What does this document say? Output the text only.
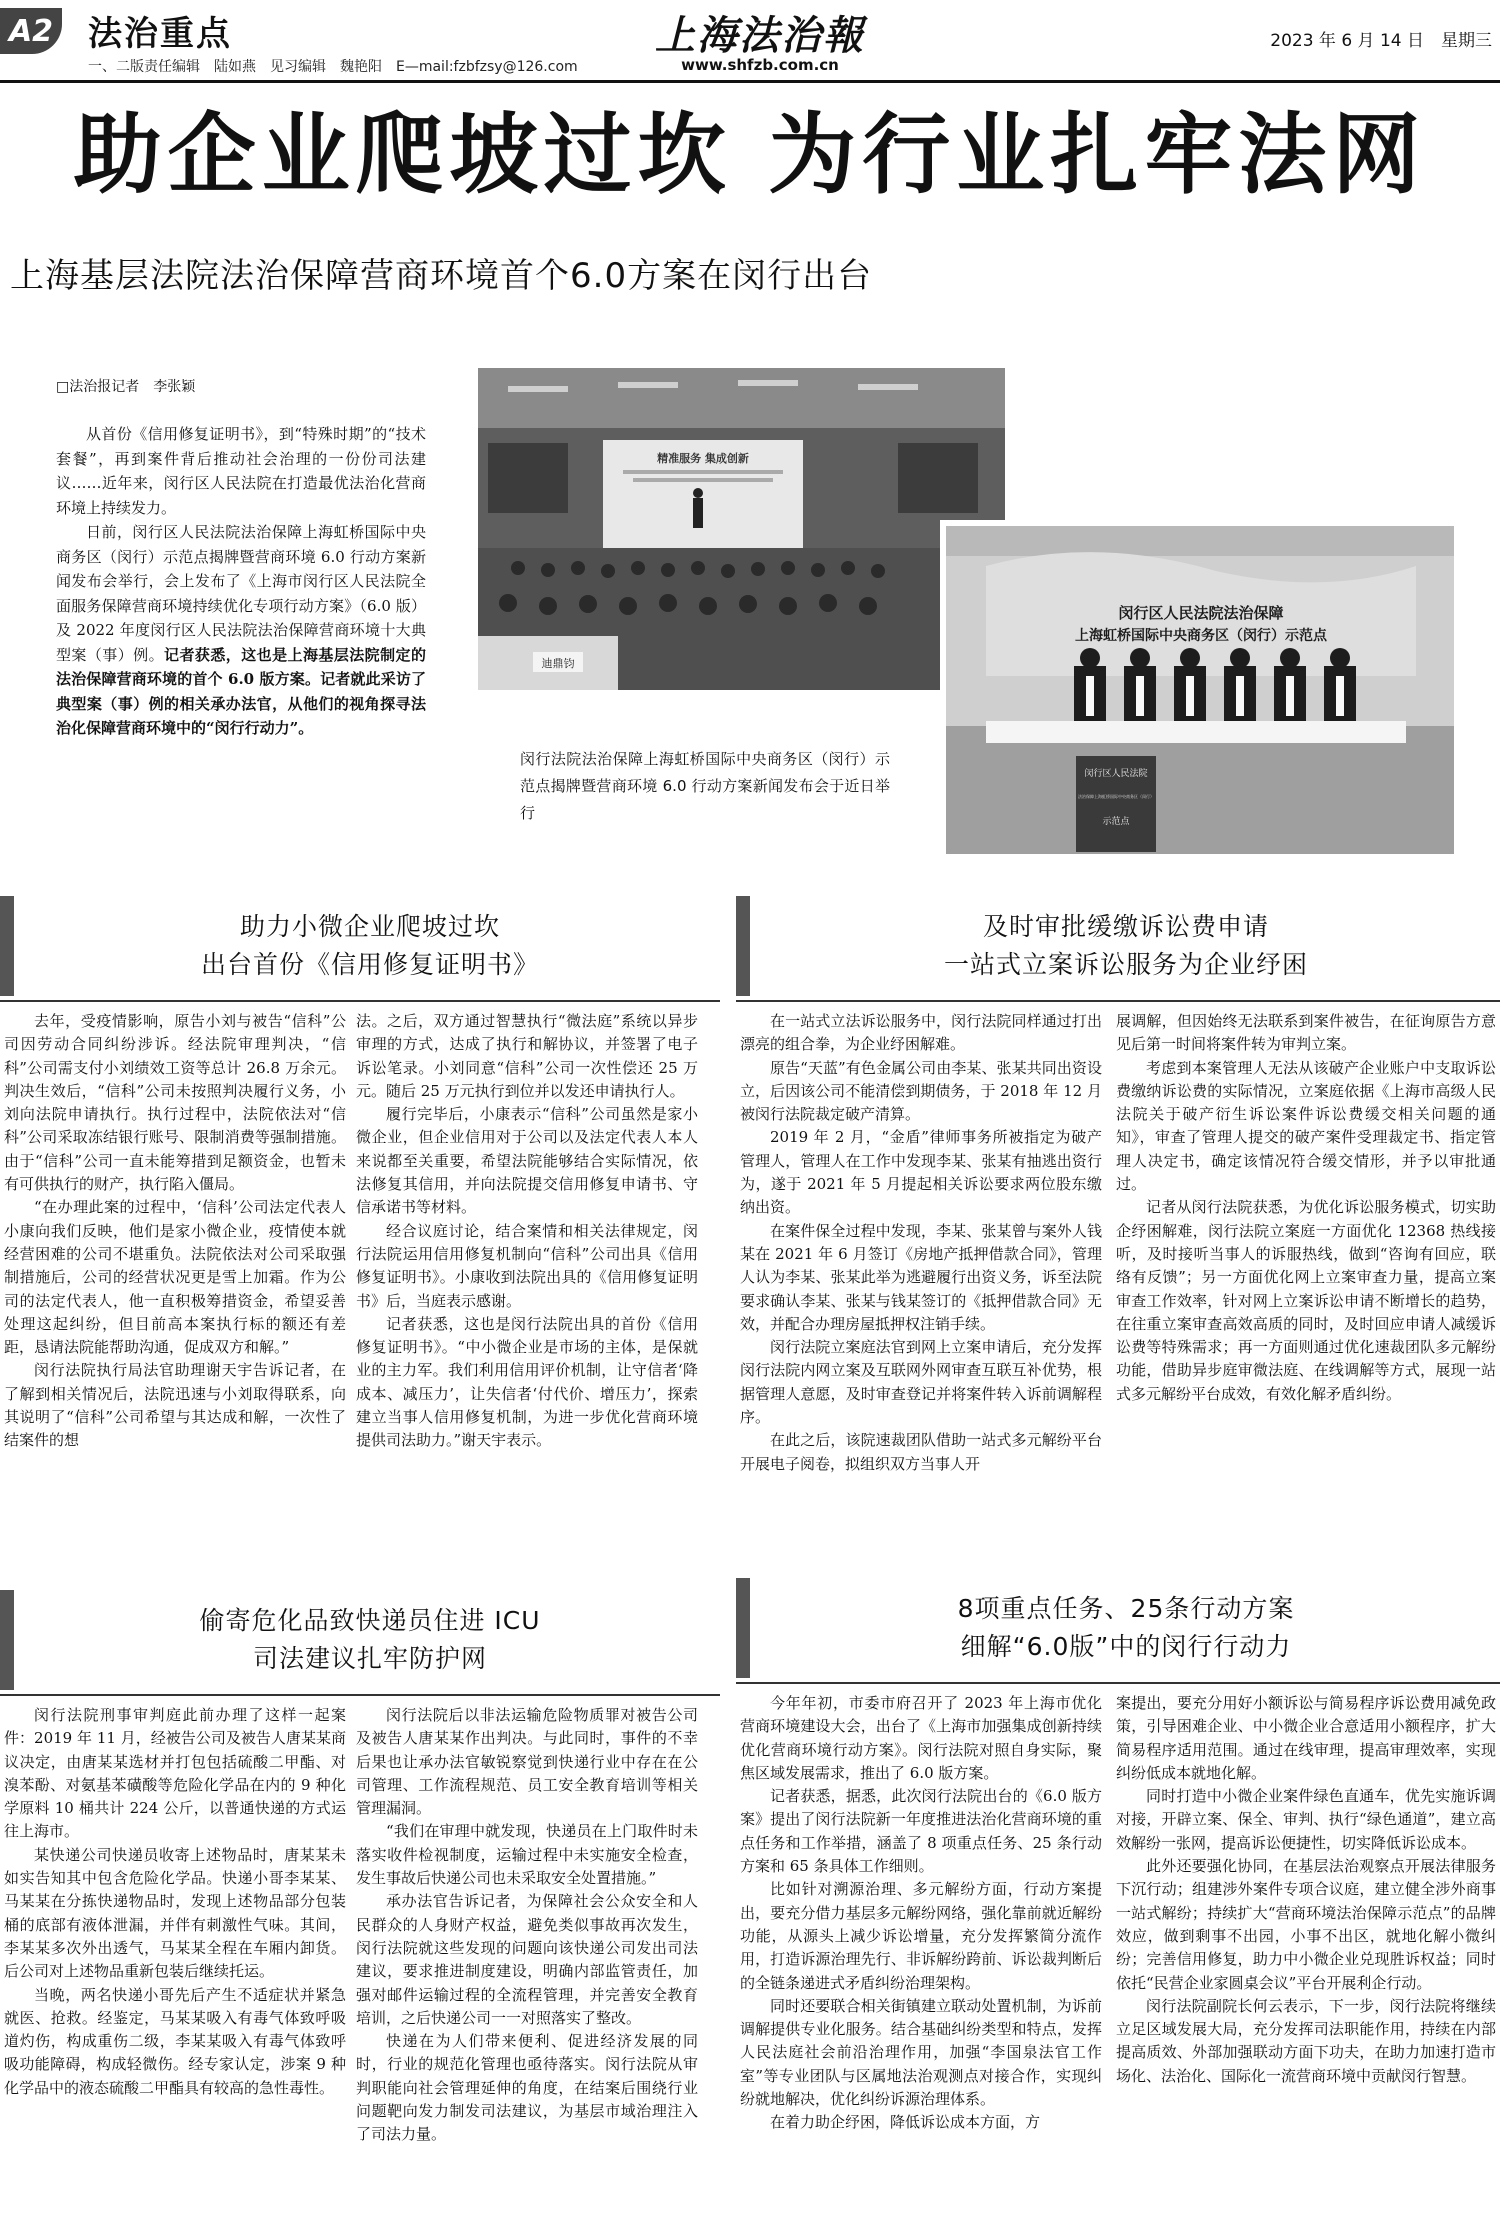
A2 法治重点
一、二版责任编辑　陆如燕　见习编辑　魏艳阳　E—mail:fzbfzsy@126.com
上海法治報
www.shfzb.com.cn
2023 年 6 月 14 日　星期三
助企业爬坡过坎 为行业扎牢法网
上海基层法院法治保障营商环境首个6.0方案在闵行出台
□法治报记者　李张颖

从首份《信用修复证明书》，到“特殊时期”的“技术套餐”，再到案件背后推动社会治理的一份份司法建议……近年来，闵行区人民法院在打造最优法治化营商环境上持续发力。

日前，闵行区人民法院法治保障上海虹桥国际中央商务区（闵行）示范点揭牌暨营商环境 6.0 行动方案新闻发布会举行，会上发布了《上海市闵行区人民法院全面服务保障营商环境持续优化专项行动方案》（6.0 版）及 2022 年度闵行区人民法院法治保障营商环境十大典型案（事）例。记者获悉，这也是上海基层法院制定的法治保障营商环境的首个 6.0 版方案。记者就此采访了典型案（事）例的相关承办法官，从他们的视角探寻法治化保障营商环境中的“闵行行动力”。

精准服务 集成创新
迪鼎钧
闵行区人民法院法治保障
上海虹桥国际中央商务区（闵行）示范点
闵行区人民法院
法治保障上海虹桥国际中央商务区（闵行）
示范点
闵行法院法治保障上海虹桥国际中央商务区（闵行）示范点揭牌暨营商环境 6.0 行动方案新闻发布会于近日举行
助力小微企业爬坡过坎
出台首份《信用修复证明书》

去年，受疫情影响，原告小刘与被告“信科”公司因劳动合同纠纷涉诉。经法院审理判决，“信科”公司需支付小刘绩效工资等总计 26.8 万余元。判决生效后，“信科”公司未按照判决履行义务，小刘向法院申请执行。执行过程中，法院依法对“信科”公司采取冻结银行账号、限制消费等强制措施。由于“信科”公司一直未能筹措到足额资金，也暂未有可供执行的财产，执行陷入僵局。

“在办理此案的过程中，‘信科’公司法定代表人小康向我们反映，他们是家小微企业，疫情使本就经营困难的公司不堪重负。法院依法对公司采取强制措施后，公司的经营状况更是雪上加霜。作为公司的法定代表人，他一直积极筹措资金，希望妥善处理这起纠纷，但目前高本案执行标的额还有差距，恳请法院能帮助沟通，促成双方和解。”

闵行法院执行局法官助理谢天宇告诉记者，在了解到相关情况后，法院迅速与小刘取得联系，向其说明了“信科”公司希望与其达成和解，一次性了结案件的想

法。之后，双方通过智慧执行“微法庭”系统以异步审理的方式，达成了执行和解协议，并签署了电子诉讼笔录。小刘同意“信科”公司一次性偿还 25 万元。随后 25 万元执行到位并以发还申请执行人。

履行完毕后，小康表示“信科”公司虽然是家小微企业，但企业信用对于公司以及法定代表人本人来说都至关重要，希望法院能够结合实际情况，依法修复其信用，并向法院提交信用修复申请书、守信承诺书等材料。

经合议庭讨论，结合案情和相关法律规定，闵行法院运用信用修复机制向“信科”公司出具《信用修复证明书》。小康收到法院出具的《信用修复证明书》后，当庭表示感谢。

记者获悉，这也是闵行法院出具的首份《信用修复证明书》。“中小微企业是市场的主体，是保就业的主力军。我们利用信用评价机制，让守信者‘降成本、减压力’，让失信者‘付代价、增压力’，探索建立当事人信用修复机制，为进一步优化营商环境提供司法助力。”谢天宇表示。

及时审批缓缴诉讼费申请
一站式立案诉讼服务为企业纾困

在一站式立法诉讼服务中，闵行法院同样通过打出漂亮的组合拳，为企业纾困解难。

原告“天蓝”有色金属公司由李某、张某共同出资设立，后因该公司不能清偿到期债务，于 2018 年 12 月被闵行法院裁定破产清算。

2019 年 2 月，“金盾”律师事务所被指定为破产管理人，管理人在工作中发现李某、张某有抽逃出资行为，遂于 2021 年 5 月提起相关诉讼要求两位股东缴纳出资。

在案件保全过程中发现，李某、张某曾与案外人钱某在 2021 年 6 月签订《房地产抵押借款合同》，管理人认为李某、张某此举为逃避履行出资义务，诉至法院要求确认李某、张某与钱某签订的《抵押借款合同》无效，并配合办理房屋抵押权注销手续。

闵行法院立案庭法官到网上立案申请后，充分发挥闵行法院内网立案及互联网外网审查互联互补优势，根据管理人意愿，及时审查登记并将案件转入诉前调解程序。

在此之后，该院速裁团队借助一站式多元解纷平台开展电子阅卷，拟组织双方当事人开

展调解，但因始终无法联系到案件被告，在征询原告方意见后第一时间将案件转为审判立案。

考虑到本案管理人无法从该破产企业账户中支取诉讼费缴纳诉讼费的实际情况，立案庭依据《上海市高级人民法院关于破产衍生诉讼案件诉讼费缓交相关问题的通知》，审查了管理人提交的破产案件受理裁定书、指定管理人决定书，确定该情况符合缓交情形，并予以审批通过。

记者从闵行法院获悉，为优化诉讼服务模式，切实助企纾困解难，闵行法院立案庭一方面优化 12368 热线接听，及时接听当事人的诉服热线，做到“咨询有回应，联络有反馈”；另一方面优化网上立案审查力量，提高立案审查工作效率，针对网上立案诉讼申请不断增长的趋势，在往重立案审查高效高质的同时，及时回应申请人减缓诉讼费等特殊需求；再一方面则通过优化速裁团队多元解纷功能，借助异步庭审微法庭、在线调解等方式，展现一站式多元解纷平台成效，有效化解矛盾纠纷。

偷寄危化品致快递员住进 ICU
司法建议扎牢防护网

闵行法院刑事审判庭此前办理了这样一起案件：2019 年 11 月，经被告公司及被告人唐某某商议决定，由唐某某选材并打包包括硫酸二甲酯、对溴苯酚、对氨基苯磺酸等危险化学品在内的 9 种化学原料 10 桶共计 224 公斤，以普通快递的方式运往上海市。

某快递公司快递员收寄上述物品时，唐某某未如实告知其中包含危险化学品。快递小哥李某某、马某某在分拣快递物品时，发现上述物品部分包装桶的底部有液体泄漏，并伴有刺激性气味。其间，李某某多次外出透气，马某某全程在车厢内卸货。后公司对上述物品重新包装后继续托运。

当晚，两名快递小哥先后产生不适症状并紧急就医、抢救。经鉴定，马某某吸入有毒气体致呼吸道灼伤，构成重伤二级，李某某吸入有毒气体致呼吸功能障碍，构成轻微伤。经专家认定，涉案 9 种化学品中的液态硫酸二甲酯具有较高的急性毒性。

闵行法院后以非法运输危险物质罪对被告公司及被告人唐某某作出判决。与此同时，事件的不幸后果也让承办法官敏锐察觉到快递行业中存在在公司管理、工作流程规范、员工安全教育培训等相关管理漏洞。

“我们在审理中就发现，快递员在上门取件时未落实收件检视制度，运输过程中未实施安全检查，发生事故后快递公司也未采取安全处置措施。”

承办法官告诉记者，为保障社会公众安全和人民群众的人身财产权益，避免类似事故再次发生，闵行法院就这些发现的问题向该快递公司发出司法建议，要求推进制度建设，明确内部监管责任，加强对邮件运输过程的全流程管理，并完善安全教育培训，之后快递公司一一对照落实了整改。

快递在为人们带来便利、促进经济发展的同时，行业的规范化管理也亟待落实。闵行法院从审判职能向社会管理延伸的角度，在结案后围绕行业问题靶向发力制发司法建议，为基层市域治理注入了司法力量。

8项重点任务、25条行动方案
细解“6.0版”中的闵行行动力

今年年初，市委市府召开了 2023 年上海市优化营商环境建设大会，出台了《上海市加强集成创新持续优化营商环境行动方案》。闵行法院对照自身实际，聚焦区域发展需求，推出了 6.0 版方案。

记者获悉，据悉，此次闵行法院出台的《6.0 版方案》提出了闵行法院新一年度推进法治化营商环境的重点任务和工作举措，涵盖了 8 项重点任务、25 条行动方案和 65 条具体工作细则。

比如针对溯源治理、多元解纷方面，行动方案提出，要充分借力基层多元解纷网络，强化靠前就近解纷功能，从源头上减少诉讼增量，充分发挥繁简分流作用，打造诉源治理先行、非诉解纷跨前、诉讼裁判断后的全链条递进式矛盾纠纷治理架构。

同时还要联合相关街镇建立联动处置机制，为诉前调解提供专业化服务。结合基础纠纷类型和特点，发挥人民法庭社会前沿治理作用，加强“李国泉法官工作室”等专业团队与区属地法治观测点对接合作，实现纠纷就地解决，优化纠纷诉源治理体系。

在着力助企纾困，降低诉讼成本方面，方

案提出，要充分用好小额诉讼与简易程序诉讼费用减免政策，引导困难企业、中小微企业合意适用小额程序，扩大简易程序适用范围。通过在线审理，提高审理效率，实现纠纷低成本就地化解。

同时打造中小微企业案件绿色直通车，优先实施诉调对接，开辟立案、保全、审判、执行“绿色通道”，建立高效解纷一张网，提高诉讼便捷性，切实降低诉讼成本。

此外还要强化协同，在基层法治观察点开展法律服务下沉行动；组建涉外案件专项合议庭，建立健全涉外商事一站式解纷；持续扩大“营商环境法治保障示范点”的品牌效应，做到剩事不出园，小事不出区，就地化解小微纠纷；完善信用修复，助力中小微企业兑现胜诉权益；同时依托“民营企业家圆桌会议”平台开展利企行动。

闵行法院副院长何云表示，下一步，闵行法院将继续立足区域发展大局，充分发挥司法职能作用，持续在内部提高质效、外部加强联动方面下功夫，在助力加速打造市场化、法治化、国际化一流营商环境中贡献闵行智慧。
